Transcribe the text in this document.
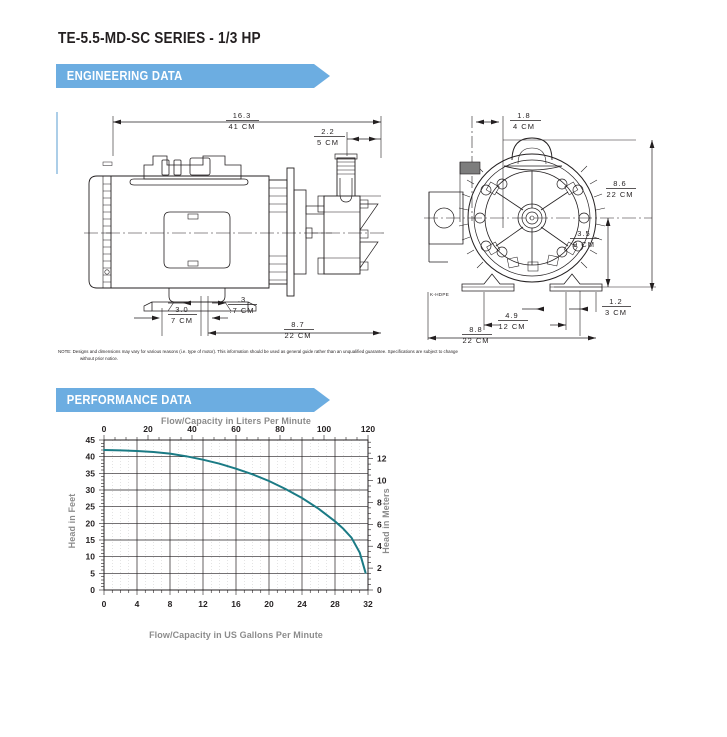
TE-5.5-MD-SC SERIES - 1/3 HP
ENGINEERING DATA
16.3
41 CM
2.2
5 CM
3.0
7 CM
.3
.7 CM
8.7
22 CM
1.8
4 CM
K-HDPE
8.6
22 CM
3.5
9 CM
1.2
3 CM
4.9
12 CM
8.8
22 CM
NOTE: Designs and dimensions may vary for various reasons (i.e. type of motor). This information should be used as general guide rather than an unqualified guarantee. Specifications are subject to change
without prior notice.
PERFORMANCE DATA
Flow/Capacity in Liters Per Minute
Flow/Capacity in US Gallons Per Minute
Head in Feet	Head in Meters
0	20	40	60	80	100	120
0	4	8	12	16	20	24	28	32
0
5
10
15
20
25
30
35
40
45
0
2
4
6
8
10
12
